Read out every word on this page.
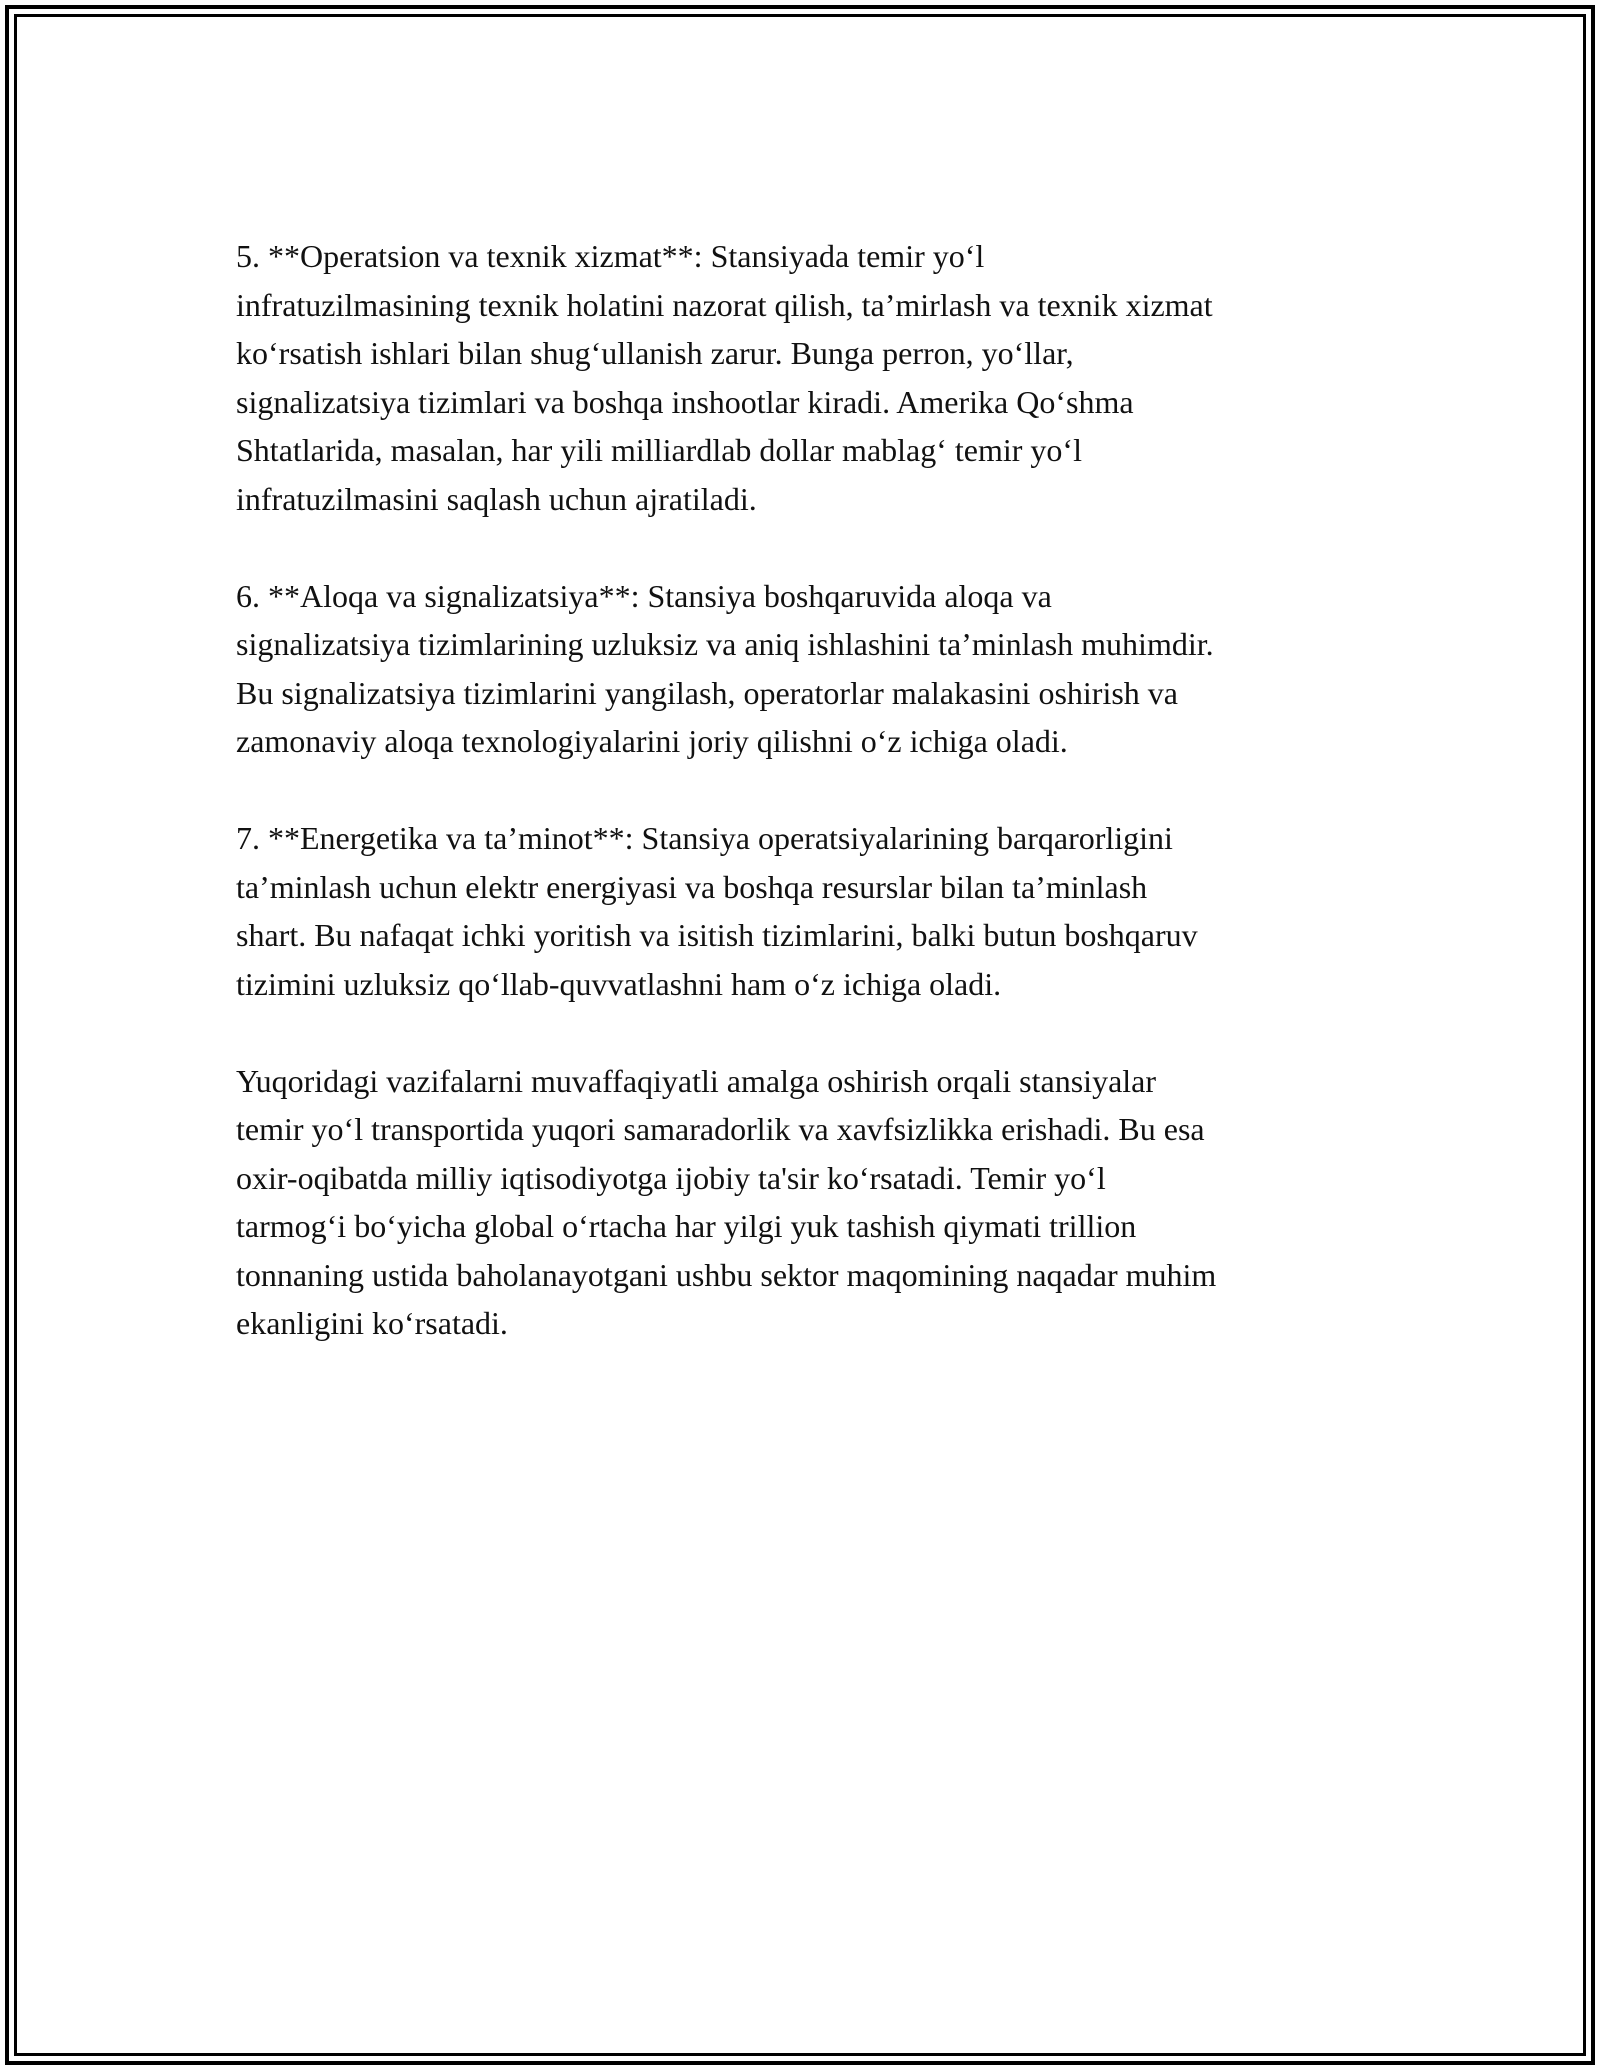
5. **Operatsion va texnik xizmat**: Stansiyada temir yo‘l
infratuzilmasining texnik holatini nazorat qilish, ta’mirlash va texnik xizmat
ko‘rsatish ishlari bilan shug‘ullanish zarur. Bunga perron, yo‘llar,
signalizatsiya tizimlari va boshqa inshootlar kiradi. Amerika Qo‘shma
Shtatlarida, masalan, har yili milliardlab dollar mablag‘ temir yo‘l
infratuzilmasini saqlash uchun ajratiladi.

6. **Aloqa va signalizatsiya**: Stansiya boshqaruvida aloqa va
signalizatsiya tizimlarining uzluksiz va aniq ishlashini ta’minlash muhimdir.
Bu signalizatsiya tizimlarini yangilash, operatorlar malakasini oshirish va
zamonaviy aloqa texnologiyalarini joriy qilishni o‘z ichiga oladi.

7. **Energetika va ta’minot**: Stansiya operatsiyalarining barqarorligini
ta’minlash uchun elektr energiyasi va boshqa resurslar bilan ta’minlash
shart. Bu nafaqat ichki yoritish va isitish tizimlarini, balki butun boshqaruv
tizimini uzluksiz qo‘llab-quvvatlashni ham o‘z ichiga oladi.

Yuqoridagi vazifalarni muvaffaqiyatli amalga oshirish orqali stansiyalar
temir yo‘l transportida yuqori samaradorlik va xavfsizlikka erishadi. Bu esa
oxir-oqibatda milliy iqtisodiyotga ijobiy ta'sir ko‘rsatadi. Temir yo‘l
tarmog‘i bo‘yicha global o‘rtacha har yilgi yuk tashish qiymati trillion
tonnaning ustida baholanayotgani ushbu sektor maqomining naqadar muhim
ekanligini ko‘rsatadi.
